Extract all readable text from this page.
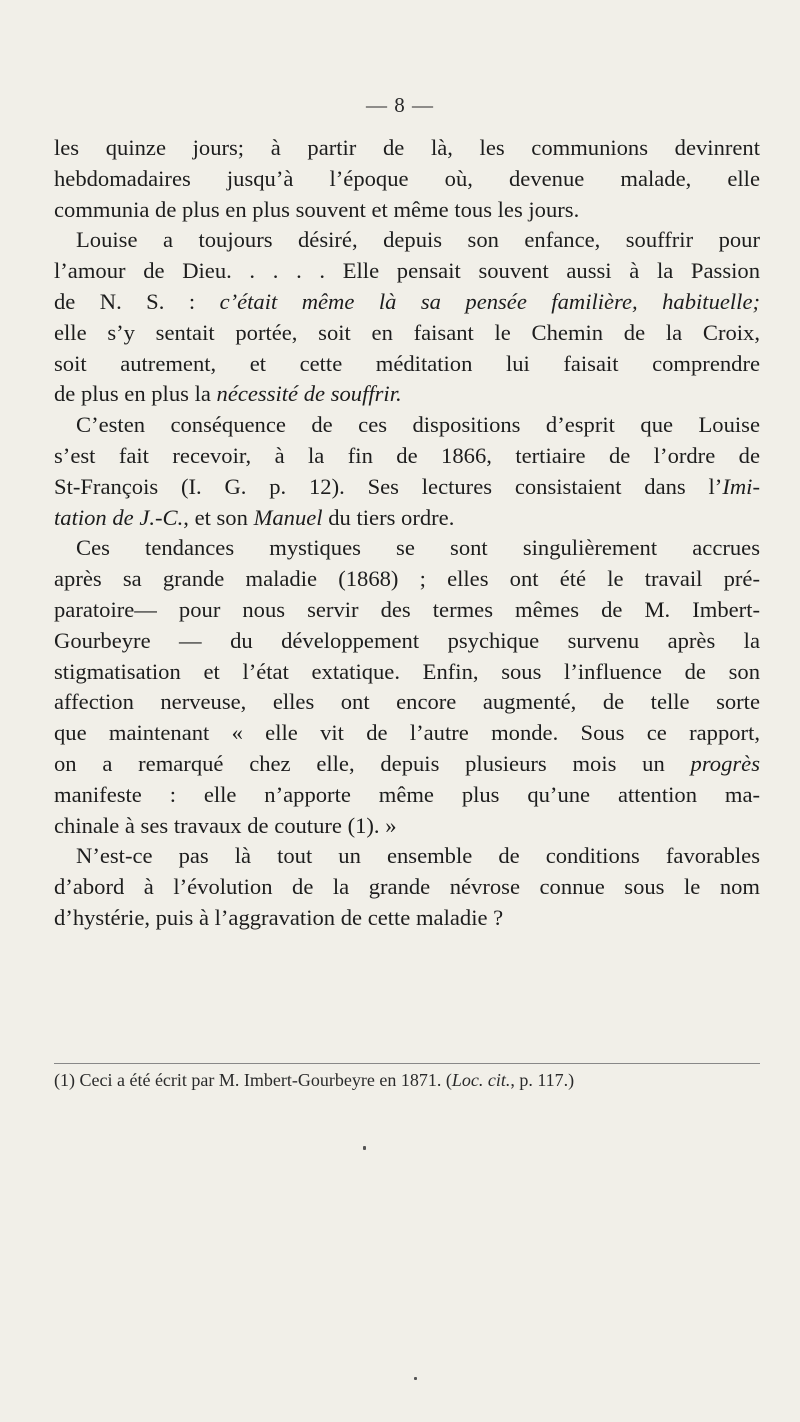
— 8 —
les quinze jours; à partir de là, les communions devinrent
hebdomadaires jusqu’à l’époque où, devenue malade, elle
communia de plus en plus souvent et même tous les jours.
Louise a toujours désiré, depuis son enfance, souffrir pour
l’amour de Dieu. . . . . Elle pensait souvent aussi à la Passion
de N. S. : c’était même là sa pensée familière, habituelle;
elle s’y sentait portée, soit en faisant le Chemin de la Croix,
soit autrement, et cette méditation lui faisait comprendre
de plus en plus la nécessité de souffrir.
C’esten conséquence de ces dispositions d’esprit que Louise
s’est fait recevoir, à la fin de 1866, tertiaire de l’ordre de
St-François (I. G. p. 12). Ses lectures consistaient dans l’Imi-
tation de J.-C., et son Manuel du tiers ordre.
Ces tendances mystiques se sont singulièrement accrues
après sa grande maladie (1868) ; elles ont été le travail pré-
paratoire— pour nous servir des termes mêmes de M. Imbert-
Gourbeyre — du développement psychique survenu après la
stigmatisation et l’état extatique. Enfin, sous l’influence de son
affection nerveuse, elles ont encore augmenté, de telle sorte
que maintenant « elle vit de l’autre monde. Sous ce rapport,
on a remarqué chez elle, depuis plusieurs mois un progrès
manifeste : elle n’apporte même plus qu’une attention ma-
chinale à ses travaux de couture (1). »
N’est-ce pas là tout un ensemble de conditions favorables
d’abord à l’évolution de la grande névrose connue sous le nom
d’hystérie, puis à l’aggravation de cette maladie ?
(1) Ceci a été écrit par M. Imbert-Gourbeyre en 1871. (Loc. cit., p. 117.)
